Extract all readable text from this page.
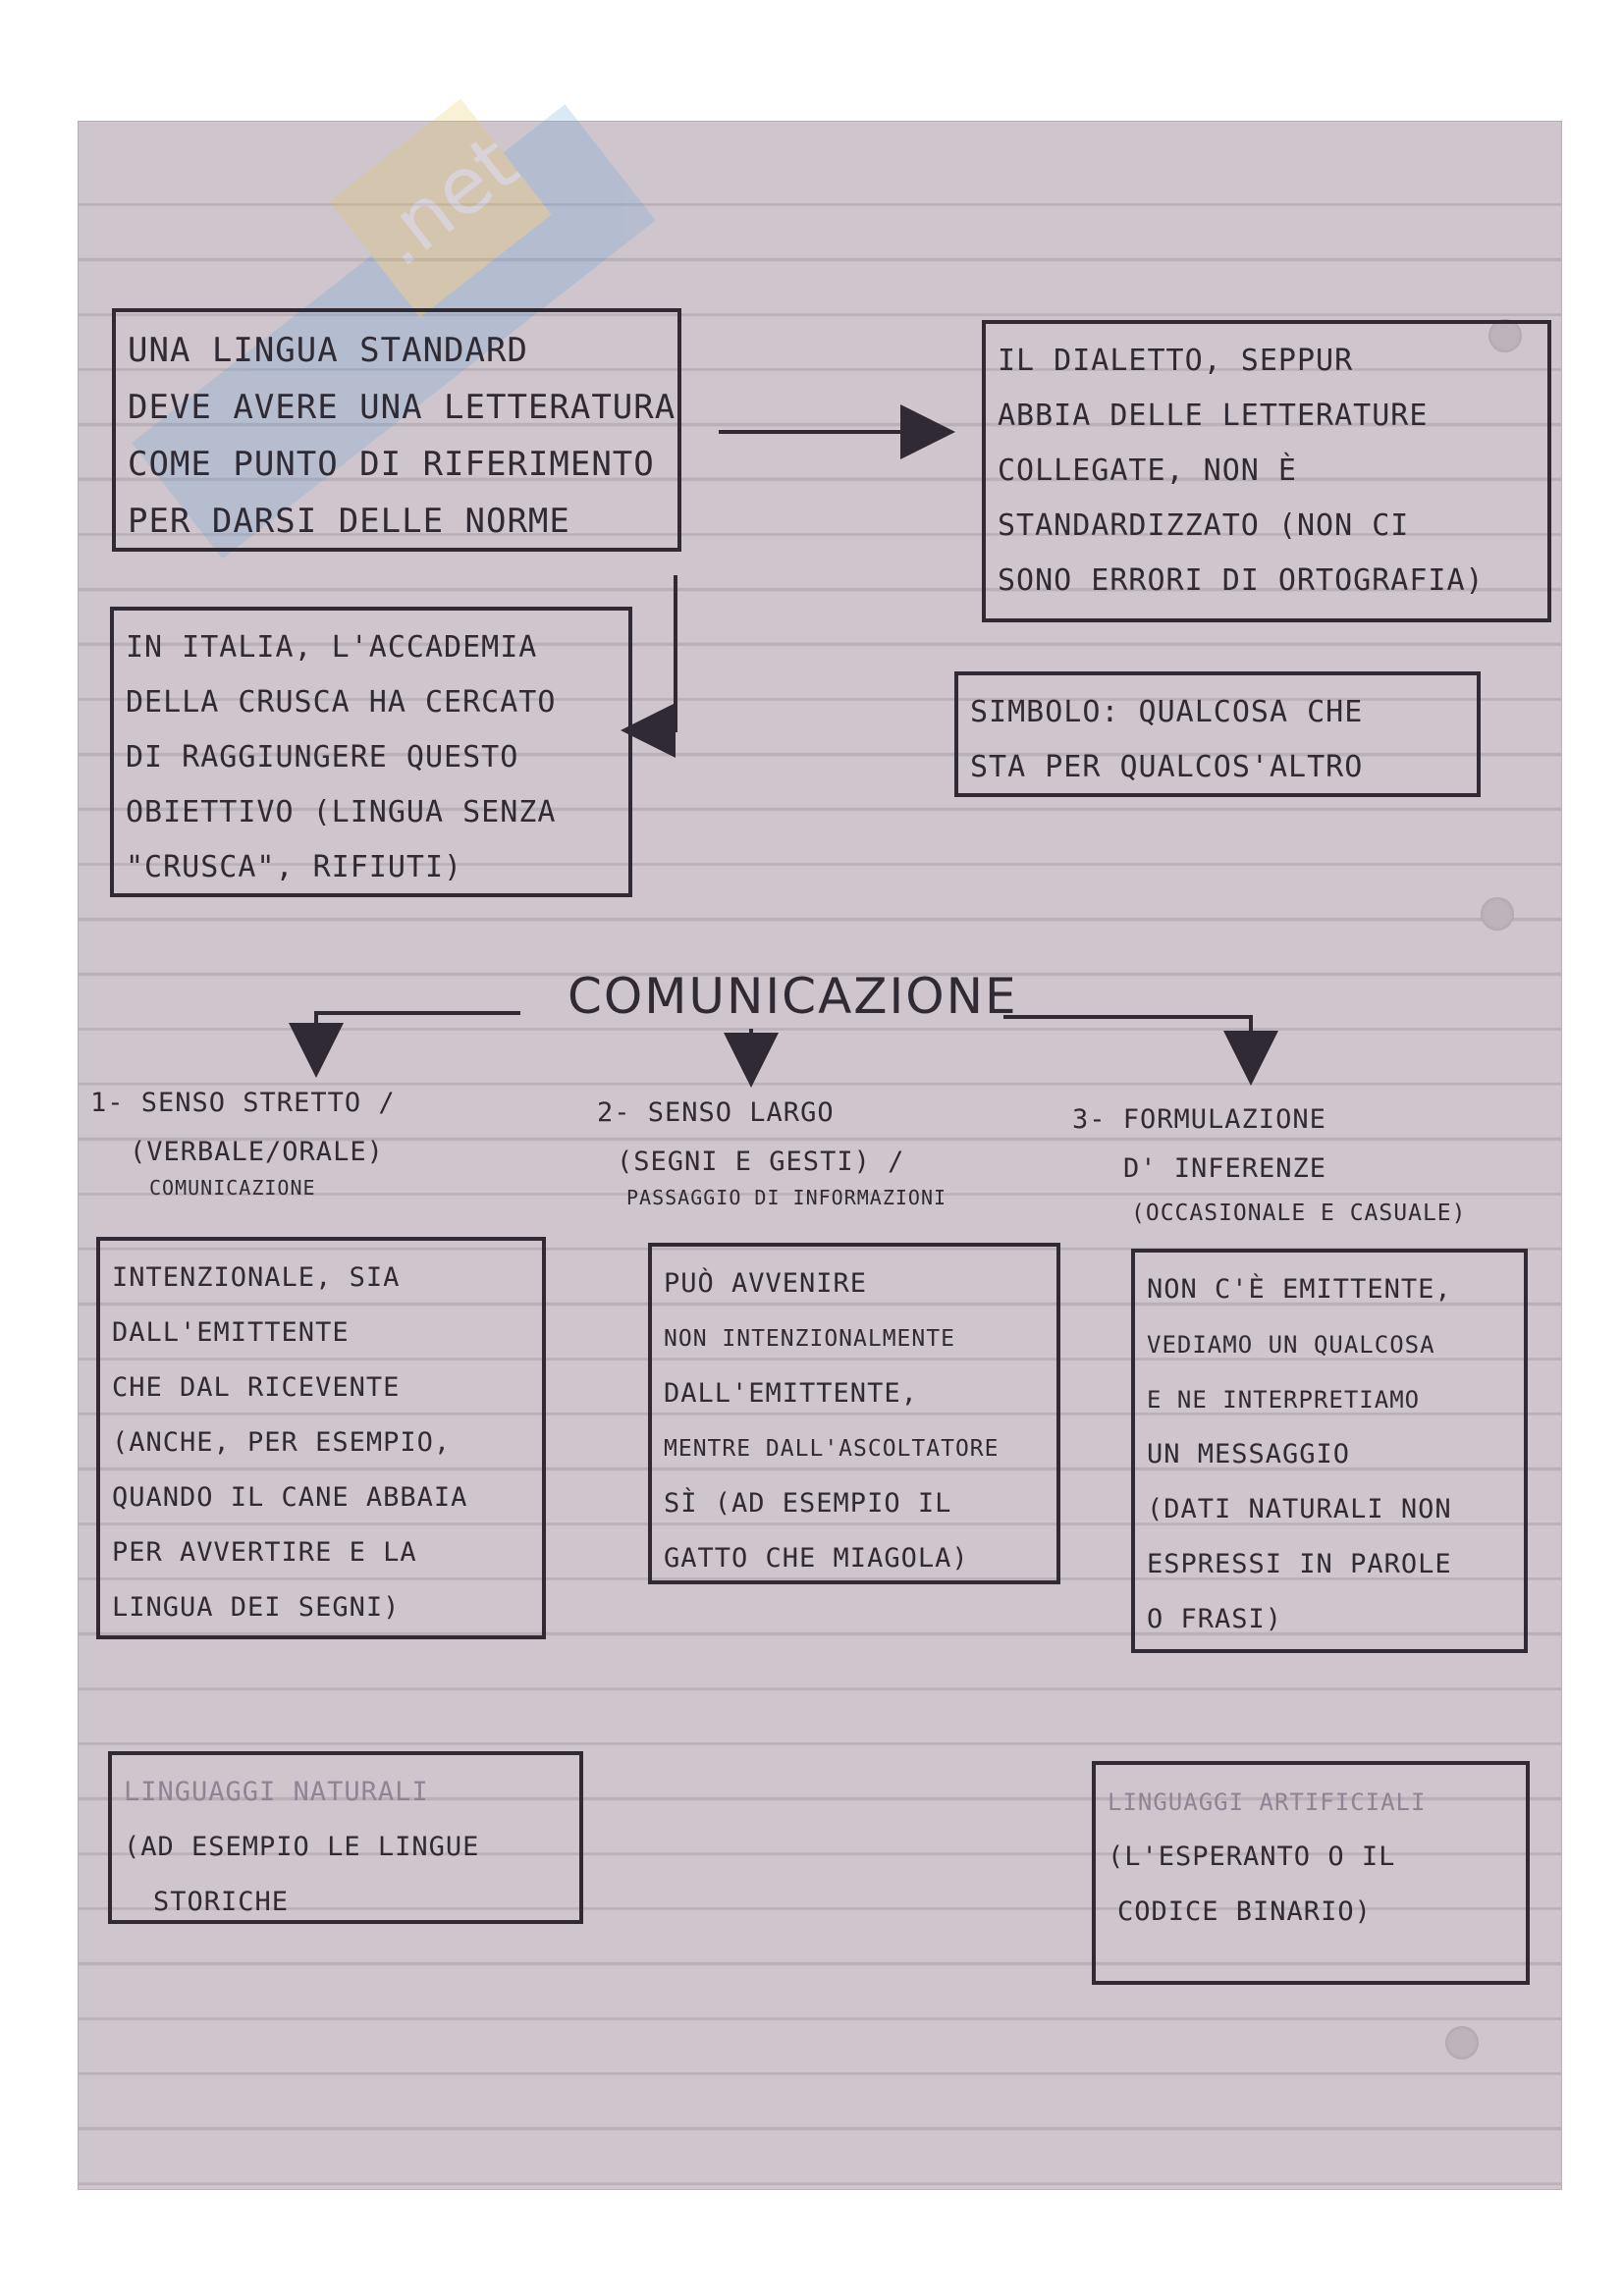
.net
UNA LINGUA STANDARD
DEVE AVERE UNA LETTERATURA
COME PUNTO DI RIFERIMENTO
PER DARSI DELLE NORME
IN ITALIA, L'ACCADEMIA
DELLA CRUSCA HA CERCATO
DI RAGGIUNGERE QUESTO
OBIETTIVO (LINGUA SENZA
"CRUSCA", RIFIUTI)
IL DIALETTO, SEPPUR
ABBIA DELLE LETTERATURE
COLLEGATE, NON È
STANDARDIZZATO (NON CI
SONO ERRORI DI ORTOGRAFIA)
SIMBOLO: QUALCOSA CHE
STA PER QUALCOS'ALTRO
COMUNICAZIONE
1- SENSO STRETTO /
(VERBALE/ORALE)
COMUNICAZIONE
2- SENSO LARGO
(SEGNI E GESTI) /
PASSAGGIO DI INFORMAZIONI
3- FORMULAZIONE
D' INFERENZE
(OCCASIONALE E CASUALE)
INTENZIONALE, SIA
DALL'EMITTENTE
CHE DAL RICEVENTE
(ANCHE, PER ESEMPIO,
QUANDO IL CANE ABBAIA
PER AVVERTIRE E LA
LINGUA DEI SEGNI)
PUÒ AVVENIRE
NON INTENZIONALMENTE
DALL'EMITTENTE,
MENTRE DALL'ASCOLTATORE
SÌ (AD ESEMPIO IL
GATTO CHE MIAGOLA)
NON C'È EMITTENTE,
VEDIAMO UN QUALCOSA
E NE INTERPRETIAMO
UN MESSAGGIO
(DATI NATURALI NON
ESPRESSI IN PAROLE
O FRASI)
LINGUAGGI NATURALI
(AD ESEMPIO LE LINGUE
STORICHE
LINGUAGGI ARTIFICIALI
(L'ESPERANTO O IL
CODICE BINARIO)
